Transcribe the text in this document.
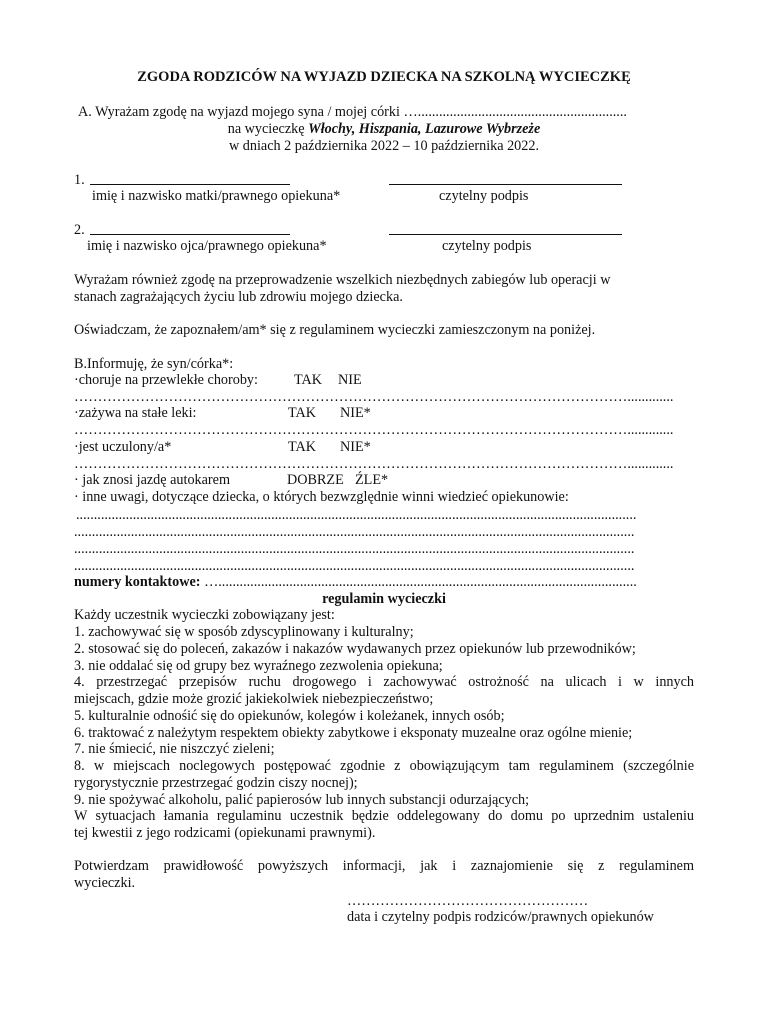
ZGODA RODZICÓW NA WYJAZD DZIECKA NA SZKOLNĄ WYCIECZKĘ
A. Wyrażam zgodę na wyjazd mojego syna / mojej córki …...........................................................
na wycieczkę Włochy, Hiszpania, Lazurowe Wybrzeże
w dniach 2 października 2022 – 10 października 2022.
1.
imię i nazwisko matki/prawnego opiekuna*	czytelny podpis
2.
imię i nazwisko ojca/prawnego opiekuna*	czytelny podpis
Wyrażam również zgodę na przeprowadzenie wszelkich niezbędnych zabiegów lub operacji w
stanach zagrażających życiu lub zdrowiu mojego dziecka.
Oświadczam, że zapoznałem/am* się z regulaminem wycieczki zamieszczonym na poniżej.
B.Informuję, że syn/córka*:
·choruje na przewlekłe choroby:	TAK NIE
……………………………………………………………………………………………………….............
·zażywa na stałe leki:	TAK NIE*
……………………………………………………………………………………………………….............
·jest uczulony/a*	TAK NIE*
……………………………………………………………………………………………………….............
· jak znosi jazdę autokarem	DOBRZE ŹLE*
· inne uwagi, dotyczące dziecka, o których bezwzględnie winni wiedzieć opiekunowie:
..............................................................................................................................................................
..............................................................................................................................................................
..............................................................................................................................................................
..............................................................................................................................................................
numery kontaktowe: …......................................................................................................................
regulamin wycieczki
Każdy uczestnik wycieczki zobowiązany jest:
1. zachowywać się w sposób zdyscyplinowany i kulturalny;
2. stosować się do poleceń, zakazów i nakazów wydawanych przez opiekunów lub przewodników;
3. nie oddalać się od grupy bez wyraźnego zezwolenia opiekuna;
4. przestrzegać przepisów ruchu drogowego i zachowywać ostrożność na ulicach i w innych
miejscach, gdzie może grozić jakiekolwiek niebezpieczeństwo;
5. kulturalnie odnośić się do opiekunów, kolegów i koleżanek, innych osób;
6. traktować z należytym respektem obiekty zabytkowe i eksponaty muzealne oraz ogólne mienie;
7. nie śmiecić, nie niszczyć zieleni;
8. w miejscach noclegowych postępować zgodnie z obowiązującym tam regulaminem (szczególnie
rygorystycznie przestrzegać godzin ciszy nocnej);
9. nie spożywać alkoholu, palić papierosów lub innych substancji odurzających;
W sytuacjach łamania regulaminu uczestnik będzie oddelegowany do domu po uprzednim ustaleniu
tej kwestii z jego rodzicami (opiekunami prawnymi).
Potwierdzam prawidłowość powyższych informacji, jak i zaznajomienie się z regulaminem
wycieczki.
……………………………………………
data i czytelny podpis rodziców/prawnych opiekunów
